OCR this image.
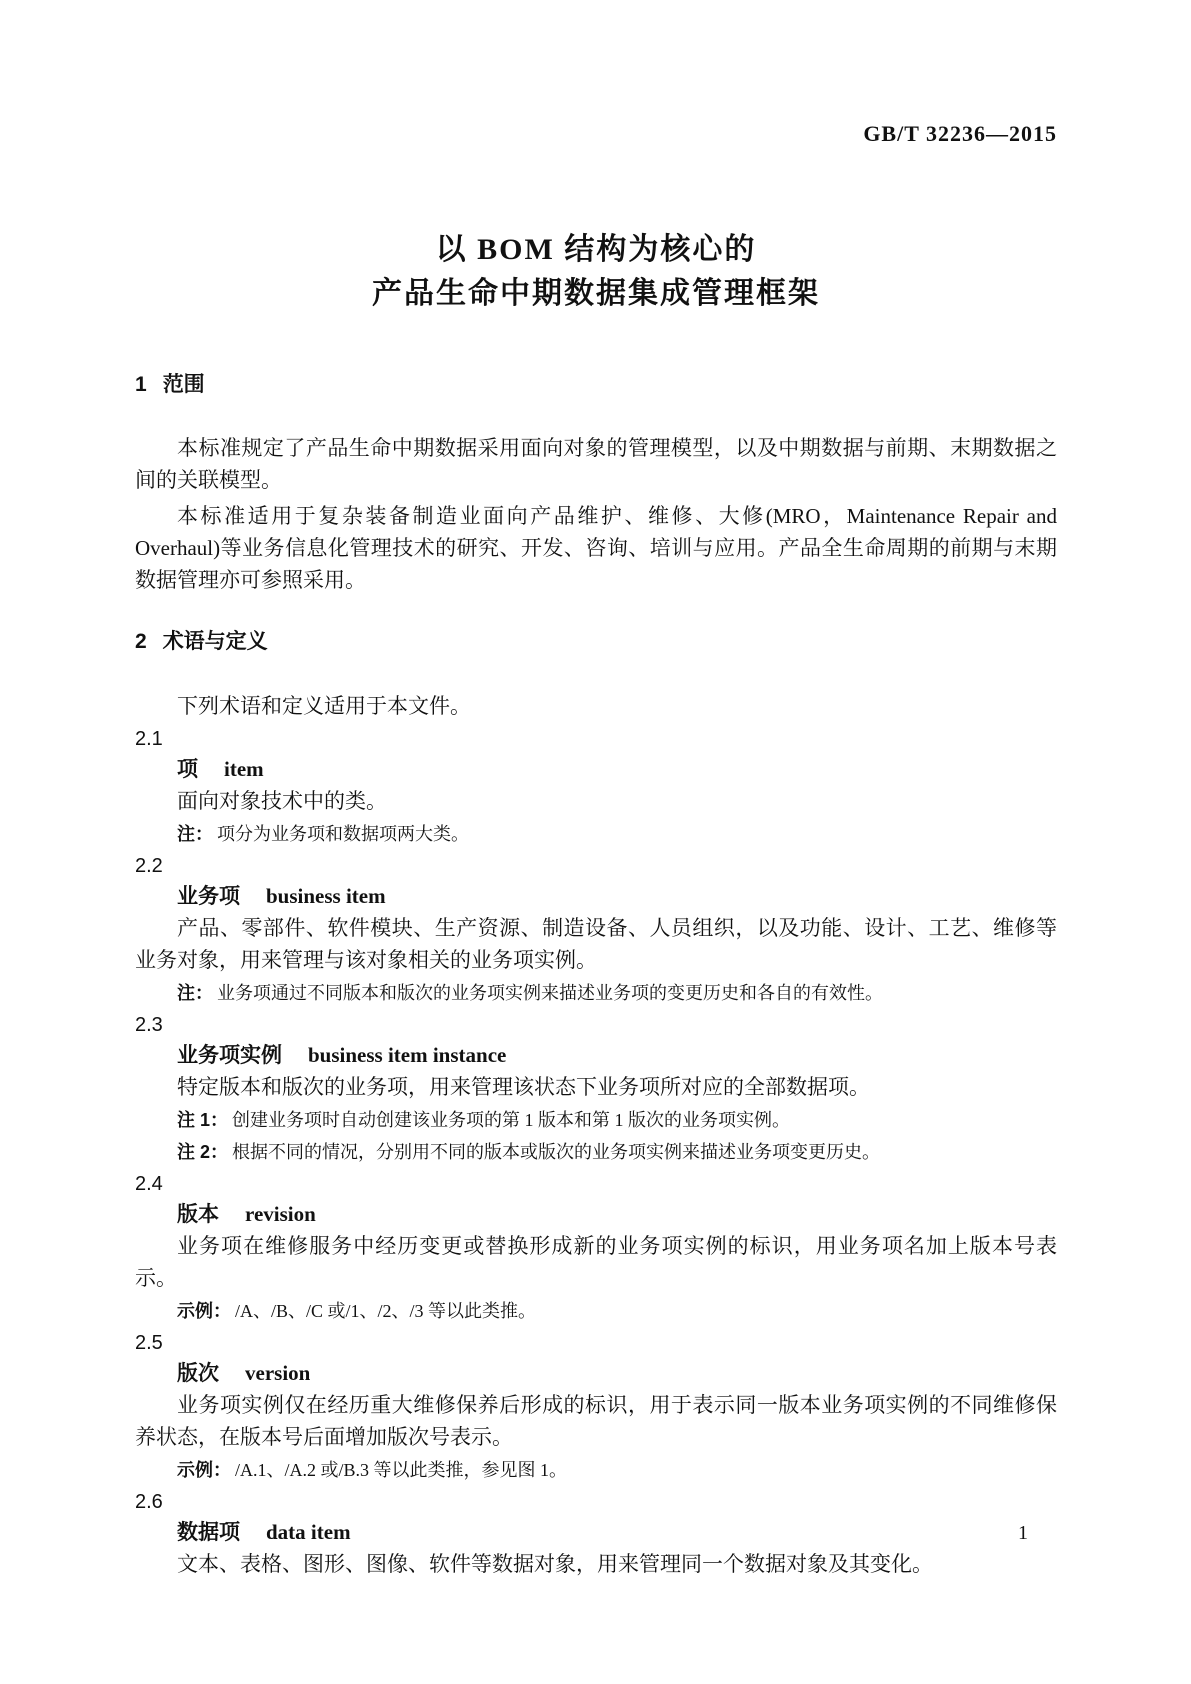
GB/T 32236—2015
以 BOM 结构为核心的
产品生命中期数据集成管理框架
1 范围
本标准规定了产品生命中期数据采用面向对象的管理模型，以及中期数据与前期、末期数据之间的关联模型。
本标准适用于复杂装备制造业面向产品维护、维修、大修(MRO，Maintenance Repair and Overhaul)等业务信息化管理技术的研究、开发、咨询、培训与应用。产品全生命周期的前期与末期数据管理亦可参照采用。
2 术语与定义
下列术语和定义适用于本文件。
2.1
项 item
面向对象技术中的类。
注： 项分为业务项和数据项两大类。
2.2
业务项 business item
产品、零部件、软件模块、生产资源、制造设备、人员组织，以及功能、设计、工艺、维修等业务对象，用来管理与该对象相关的业务项实例。
注： 业务项通过不同版本和版次的业务项实例来描述业务项的变更历史和各自的有效性。
2.3
业务项实例 business item instance
特定版本和版次的业务项，用来管理该状态下业务项所对应的全部数据项。
注 1： 创建业务项时自动创建该业务项的第 1 版本和第 1 版次的业务项实例。
注 2： 根据不同的情况，分别用不同的版本或版次的业务项实例来描述业务项变更历史。
2.4
版本 revision
业务项在维修服务中经历变更或替换形成新的业务项实例的标识，用业务项名加上版本号表示。
示例： /A、/B、/C 或/1、/2、/3 等以此类推。
2.5
版次 version
业务项实例仅在经历重大维修保养后形成的标识，用于表示同一版本业务项实例的不同维修保养状态，在版本号后面增加版次号表示。
示例： /A.1、/A.2 或/B.3 等以此类推，参见图 1。
2.6
数据项 data item
文本、表格、图形、图像、软件等数据对象，用来管理同一个数据对象及其变化。
1
